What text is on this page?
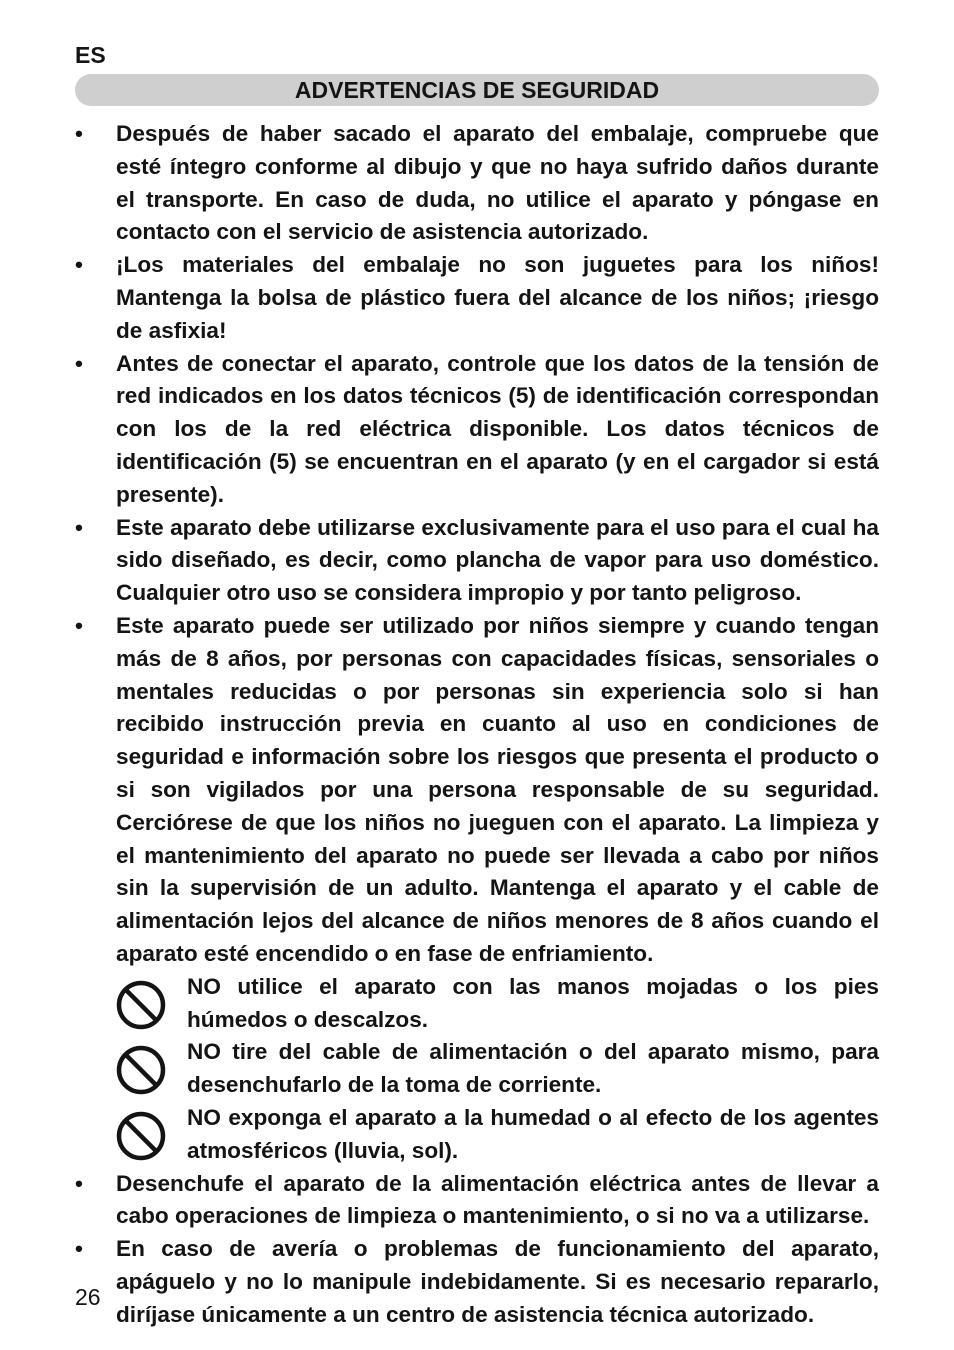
ES
ADVERTENCIAS DE SEGURIDAD
• Después de haber sacado el aparato del embalaje, compruebe que esté íntegro conforme al dibujo y que no haya sufrido daños durante el transporte. En caso de duda, no utilice el aparato y póngase en contacto con el servicio de asistencia autorizado.
• ¡Los materiales del embalaje no son juguetes para los niños! Mantenga la bolsa de plástico fuera del alcance de los niños; ¡riesgo de asfixia!
• Antes de conectar el aparato, controle que los datos de la tensión de red indicados en los datos técnicos (5) de identificación correspondan con los de la red eléctrica disponible. Los datos técnicos de identificación (5) se encuentran en el aparato (y en el cargador si está presente).
• Este aparato debe utilizarse exclusivamente para el uso para el cual ha sido diseñado, es decir, como plancha de vapor para uso doméstico. Cualquier otro uso se considera impropio y por tanto peligroso.
• Este aparato puede ser utilizado por niños siempre y cuando tengan más de 8 años, por personas con capacidades físicas, sensoriales o mentales reducidas o por personas sin experiencia solo si han recibido instrucción previa en cuanto al uso en condiciones de seguridad e información sobre los riesgos que presenta el producto o si son vigilados por una persona responsable de su seguridad. Cerciórese de que los niños no jueguen con el aparato. La limpieza y el mantenimiento del aparato no puede ser llevada a cabo por niños sin la supervisión de un adulto. Mantenga el aparato y el cable de alimentación lejos del alcance de niños menores de 8 años cuando el aparato esté encendido o en fase de enfriamiento.
NO utilice el aparato con las manos mojadas o los pies húmedos o descalzos.
NO tire del cable de alimentación o del aparato mismo, para desenchufarlo de la toma de corriente.
NO exponga el aparato a la humedad o al efecto de los agentes atmosféricos (lluvia, sol).
• Desenchufe el aparato de la alimentación eléctrica antes de llevar a cabo operaciones de limpieza o mantenimiento, o si no va a utilizarse.
• En caso de avería o problemas de funcionamiento del aparato, apáguelo y no lo manipule indebidamente. Si es necesario repararlo, diríjase únicamente a un centro de asistencia técnica autorizado.
26
